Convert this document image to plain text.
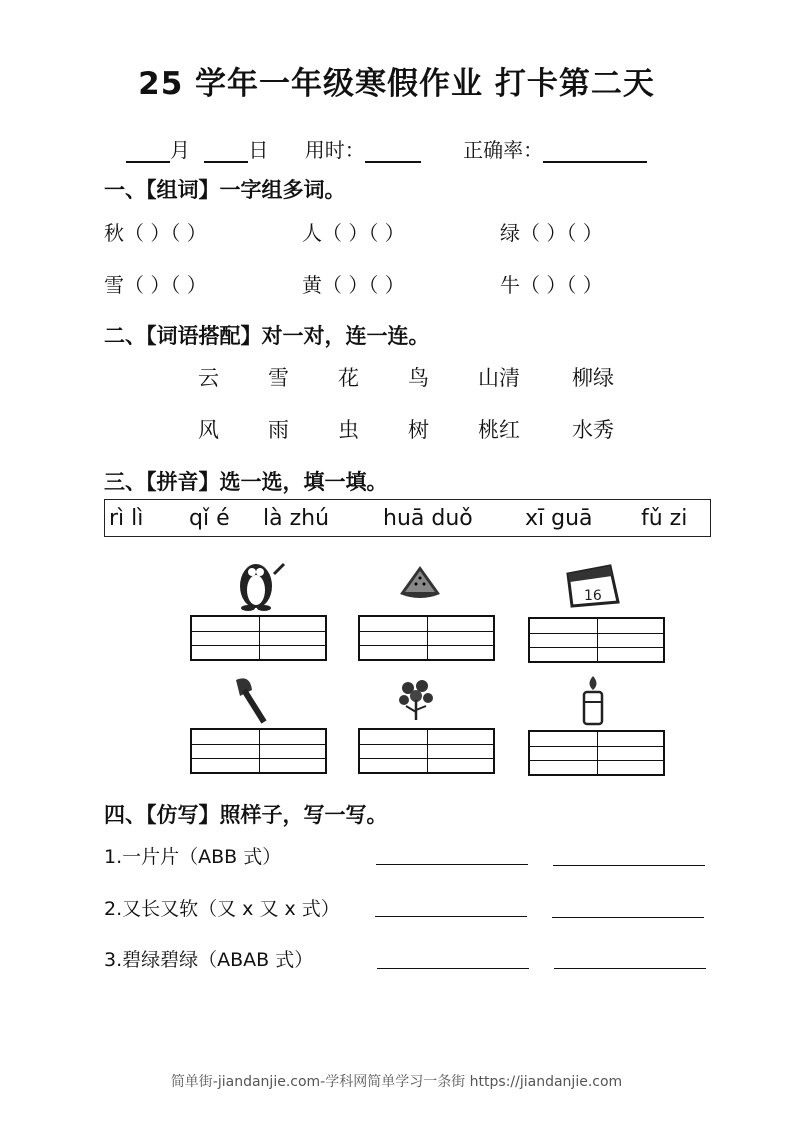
25 学年一年级寒假作业 打卡第二天
月	日 用时：	正确率：
一、【组词】一字组多词。
秋（ ）（ ）	人（ ）（ ）	绿（ ）（ ）
雪（ ）（ ）	黄（ ）（ ）	牛（ ）（ ）
二、【词语搭配】对一对，连一连。
云 雪 花 鸟 山清 柳绿
风 雨 虫 树 桃红 水秀
三、【拼音】选一选，填一填。
rì lì qǐ é là zhú huā duǒ xī guā fǔ zi
16
四、【仿写】照样子，写一写。
1.一片片（ABB 式）
2.又长又软（又 x 又 x 式）
3.碧绿碧绿（ABAB 式）
简单街-jiandanjie.com-学科网简单学习一条街 https://jiandanjie.com
